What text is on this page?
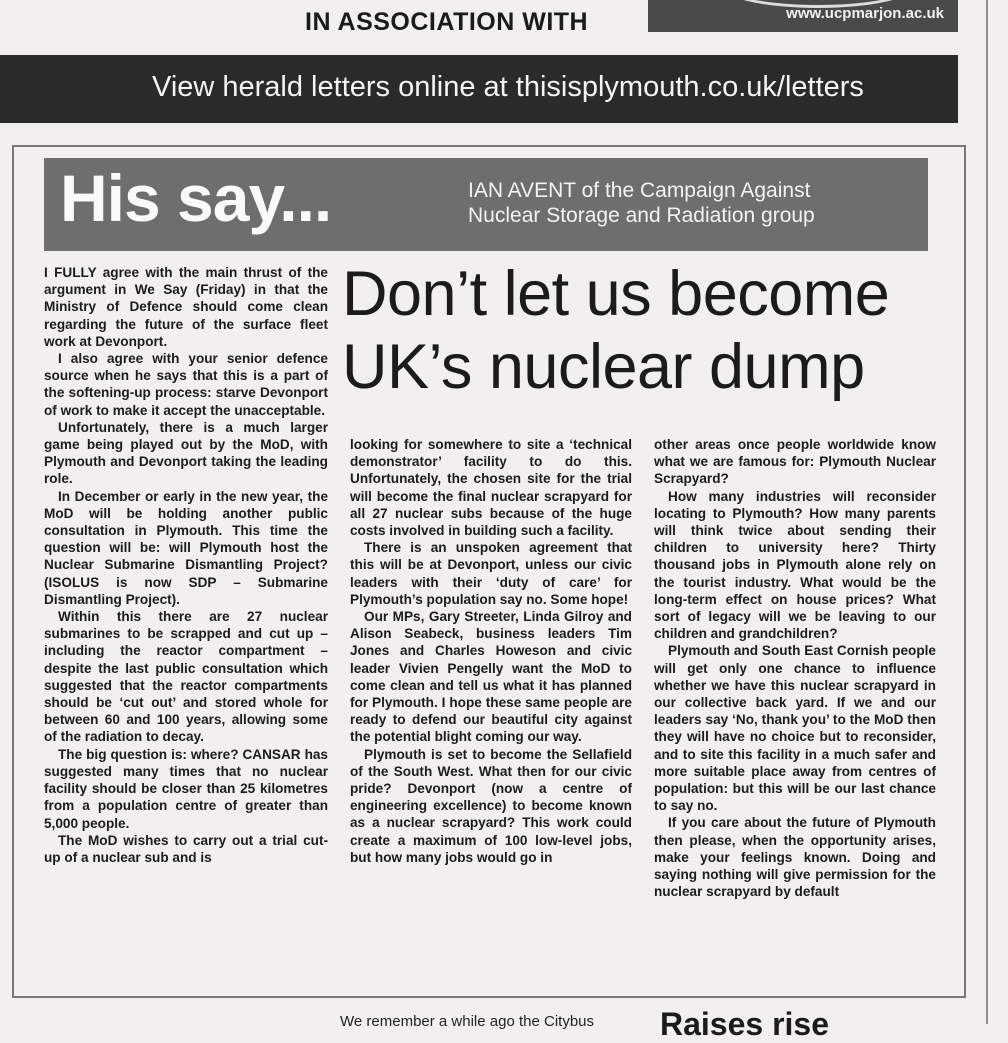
IN ASSOCIATION WITH	www.ucpmarjon.ac.uk
View herald letters online at thisisplymouth.co.uk/letters
His say...	IAN AVENT of the Campaign Against
Nuclear Storage and Radiation group
Don’t let us become
UK’s nuclear dump

I FULLY agree with the main thrust of the argument in We Say (Friday) in that the Ministry of Defence should come clean regarding the future of the surface fleet work at Devonport.

I also agree with your senior defence source when he says that this is a part of the softening-up process: starve Devonport of work to make it accept the unacceptable.

Unfortunately, there is a much larger game being played out by the MoD, with Plymouth and Devonport taking the leading role.

In December or early in the new year, the MoD will be holding another public consultation in Plymouth. This time the question will be: will Plymouth host the Nuclear Submarine Dismantling Project? (ISOLUS is now SDP – Submarine Dismantling Project).

Within this there are 27 nuclear submarines to be scrapped and cut up – including the reactor compartment – despite the last public consultation which suggested that the reactor compartments should be ‘cut out’ and stored whole for between 60 and 100 years, allowing some of the radiation to decay.

The big question is: where? CANSAR has suggested many times that no nuclear facility should be closer than 25 kilometres from a population centre of greater than 5,000 people.

The MoD wishes to carry out a trial cut-up of a nuclear sub and is

looking for somewhere to site a ‘technical demonstrator’ facility to do this. Unfortunately, the chosen site for the trial will become the final nuclear scrapyard for all 27 nuclear subs because of the huge costs involved in building such a facility.

There is an unspoken agreement that this will be at Devonport, unless our civic leaders with their ‘duty of care’ for Plymouth’s population say no. Some hope!

Our MPs, Gary Streeter, Linda Gilroy and Alison Seabeck, business leaders Tim Jones and Charles Howeson and civic leader Vivien Pengelly want the MoD to come clean and tell us what it has planned for Plymouth. I hope these same people are ready to defend our beautiful city against the potential blight coming our way.

Plymouth is set to become the Sellafield of the South West. What then for our civic pride? Devonport (now a centre of engineering excellence) to become known as a nuclear scrapyard? This work could create a maximum of 100 low-level jobs, but how many jobs would go in

other areas once people worldwide know what we are famous for: Plymouth Nuclear Scrapyard?

How many industries will reconsider locating to Plymouth? How many parents will think twice about sending their children to university here? Thirty thousand jobs in Plymouth alone rely on the tourist industry. What would be the long-term effect on house prices? What sort of legacy will we be leaving to our children and grandchildren?

Plymouth and South East Cornish people will get only one chance to influence whether we have this nuclear scrapyard in our collective back yard. If we and our leaders say ‘No, thank you’ to the MoD then they will have no choice but to reconsider, and to site this facility in a much safer and more suitable place away from centres of population: but this will be our last chance to say no.

If you care about the future of Plymouth then please, when the opportunity arises, make your feelings known. Doing and saying nothing will give permission for the nuclear scrapyard by default

We remember a while ago the Citybus Raises rise
